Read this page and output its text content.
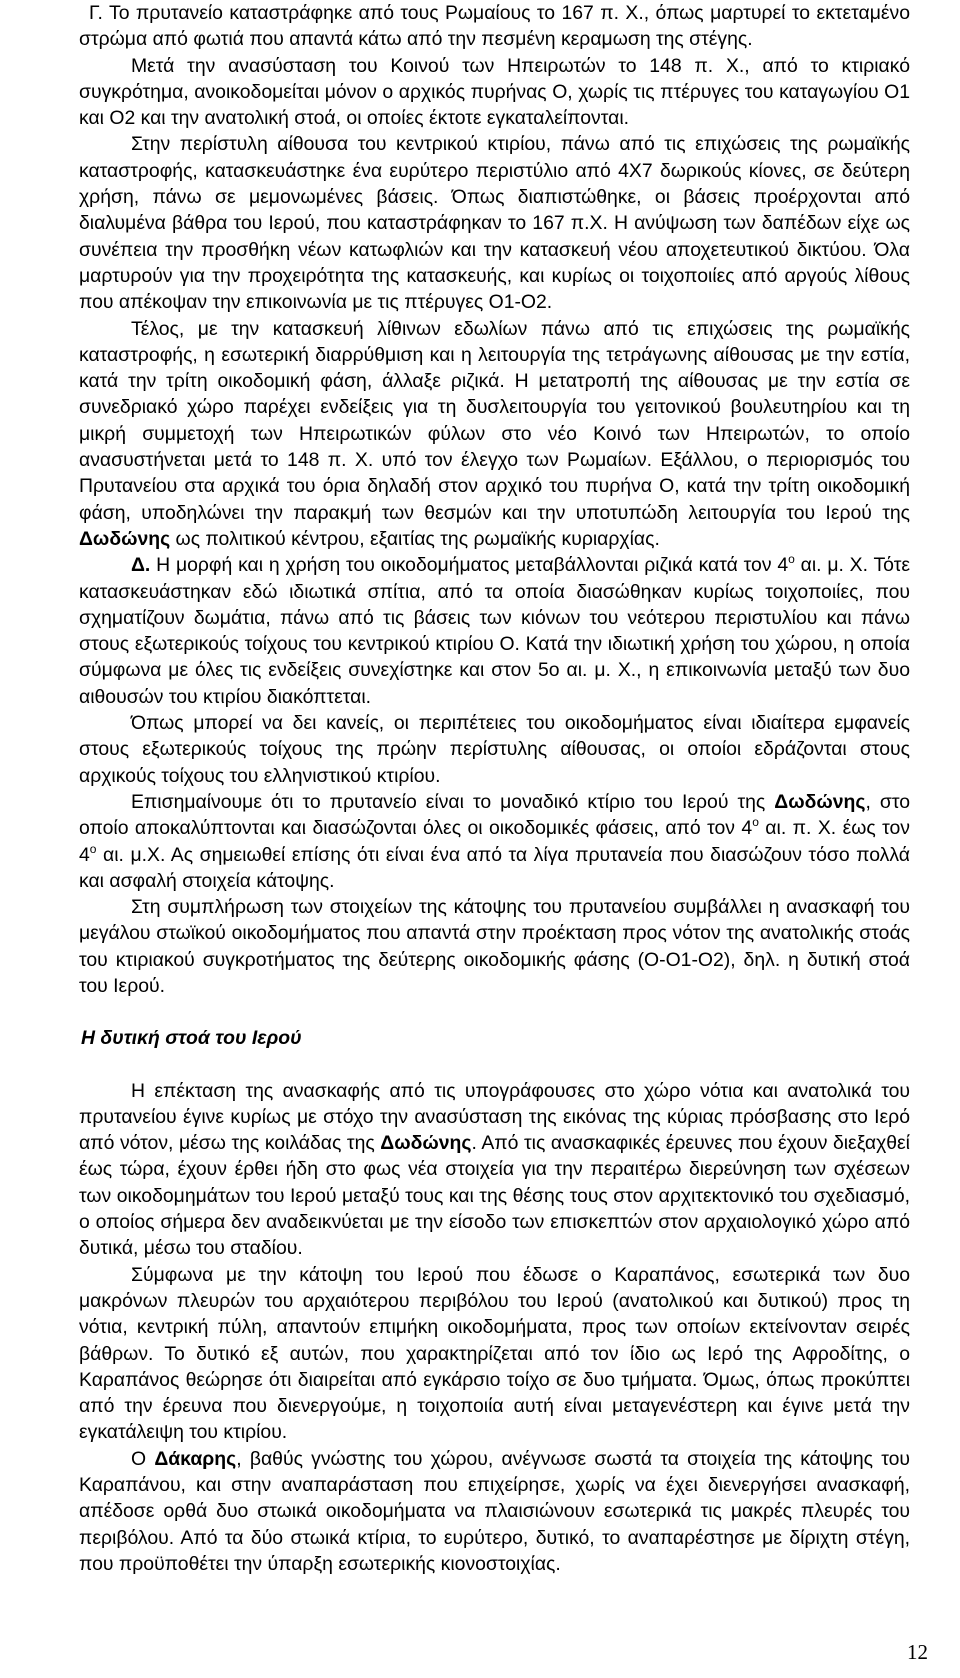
Γ. Το πρυτανείο καταστράφηκε από τους Ρωμαίους το 167 π. Χ., όπως μαρτυρεί το εκτεταμένο στρώμα από φωτιά που απαντά κάτω από την πεσμένη κεραμωση της στέγης.

Μετά την ανασύσταση του Κοινού των Ηπειρωτών το 148 π. Χ., από το κτιριακό συγκρότημα, ανοικοδομείται μόνον ο αρχικός πυρήνας Ο, χωρίς τις πτέρυγες του καταγωγίου Ο1 και Ο2 και την ανατολική στοά, οι οποίες έκτοτε εγκαταλείπονται.

Στην περίστυλη αίθουσα του κεντρικού κτιρίου, πάνω από τις επιχώσεις της ρωμαϊκής καταστροφής, κατασκευάστηκε ένα ευρύτερο περιστύλιο από 4Χ7 δωρικούς κίονες, σε δεύτερη χρήση, πάνω σε μεμονωμένες βάσεις. Όπως διαπιστώθηκε, οι βάσεις προέρχονται από διαλυμένα βάθρα του Ιερού, που καταστράφηκαν το 167 π.Χ. Η ανύψωση των δαπέδων είχε ως συνέπεια την προσθήκη νέων κατωφλιών και την κατασκευή νέου αποχετευτικού δικτύου. Όλα μαρτυρούν για την προχειρότητα της κατασκευής, και κυρίως οι τοιχοποιίες από αργούς λίθους που απέκοψαν την επικοινωνία με τις πτέρυγες Ο1-Ο2.

Τέλος, με την κατασκευή λίθινων εδωλίων πάνω από τις επιχώσεις της ρωμαϊκής καταστροφής, η εσωτερική διαρρύθμιση και η λειτουργία της τετράγωνης αίθουσας με την εστία, κατά την τρίτη οικοδομική φάση, άλλαξε ριζικά. Η μετατροπή της αίθουσας με την εστία σε συνεδριακό χώρο παρέχει ενδείξεις για τη δυσλειτουργία του γειτονικού βουλευτηρίου και τη μικρή συμμετοχή των Ηπειρωτικών φύλων στο νέο Κοινό των Ηπειρωτών, το οποίο ανασυστήνεται μετά το 148 π. Χ. υπό τον έλεγχο των Ρωμαίων. Εξάλλου, ο περιορισμός του Πρυτανείου στα αρχικά του όρια δηλαδή στον αρχικό του πυρήνα Ο, κατά την τρίτη οικοδομική φάση, υποδηλώνει την παρακμή των θεσμών και την υποτυπώδη λειτουργία του Ιερού της Δωδώνης ως πολιτικού κέντρου, εξαιτίας της ρωμαϊκής κυριαρχίας.

Δ. Η μορφή και η χρήση του οικοδομήματος μεταβάλλονται ριζικά κατά τον $4^o$ αι. μ. Χ. Τότε κατασκευάστηκαν εδώ ιδιωτικά σπίτια, από τα οποία διασώθηκαν κυρίως τοιχοποιίες, που σχηματίζουν δωμάτια, πάνω από τις βάσεις των κιόνων του νεότερου περιστυλίου και πάνω στους εξωτερικούς τοίχους του κεντρικού κτιρίου Ο. Κατά την ιδιωτική χρήση του χώρου, η οποία σύμφωνα με όλες τις ενδείξεις συνεχίστηκε και στον 5ο αι. μ. Χ., η επικοινωνία μεταξύ των δυο αιθουσών του κτιρίου διακόπτεται.

Όπως μπορεί να δει κανείς, οι περιπέτειες του οικοδομήματος είναι ιδιαίτερα εμφανείς στους εξωτερικούς τοίχους της πρώην περίστυλης αίθουσας, οι οποίοι εδράζονται στους αρχικούς τοίχους του ελληνιστικού κτιρίου.

Επισημαίνουμε ότι το πρυτανείο είναι το μοναδικό κτίριο του Ιερού της Δωδώνης, στο οποίο αποκαλύπτονται και διασώζονται όλες οι οικοδομικές φάσεις, από τον $4^o$ αι. π. Χ. έως τον $4^o$ αι. μ.Χ. Ας σημειωθεί επίσης ότι είναι ένα από τα λίγα πρυτανεία που διασώζουν τόσο πολλά και ασφαλή στοιχεία κάτοψης.

Στη συμπλήρωση των στοιχείων της κάτοψης του πρυτανείου συμβάλλει η ανασκαφή του μεγάλου στωϊκού οικοδομήματος που απαντά στην προέκταση προς νότον της ανατολικής στοάς του κτιριακού συγκροτήματος της δεύτερης οικοδομικής φάσης (Ο-Ο1-Ο2), δηλ. η δυτική στοά του Ιερού.

Η δυτική στοά του Ιερού

Η επέκταση της ανασκαφής από τις υπογράφουσες στο χώρο νότια και ανατολικά του πρυτανείου έγινε κυρίως με στόχο την ανασύσταση της εικόνας της κύριας πρόσβασης στο Ιερό από νότον, μέσω της κοιλάδας της Δωδώνης. Από τις ανασκαφικές έρευνες που έχουν διεξαχθεί έως τώρα, έχουν έρθει ήδη στο φως νέα στοιχεία για την περαιτέρω διερεύνηση των σχέσεων των οικοδομημάτων του Ιερού μεταξύ τους και της θέσης τους στον αρχιτεκτονικό του σχεδιασμό, ο οποίος σήμερα δεν αναδεικνύεται με την είσοδο των επισκεπτών στον αρχαιολογικό χώρο από δυτικά, μέσω του σταδίου.

Σύμφωνα με την κάτοψη του Ιερού που έδωσε ο Καραπάνος, εσωτερικά των δυο μακρόνων πλευρών του αρχαιότερου περιβόλου του Ιερού (ανατολικού και δυτικού) προς τη νότια, κεντρική πύλη, απαντούν επιμήκη οικοδομήματα, προς των οποίων εκτείνονταν σειρές βάθρων. Το δυτικό εξ αυτών, που χαρακτηρίζεται από τον ίδιο ως Ιερό της Αφροδίτης, ο Καραπάνος θεώρησε ότι διαιρείται από εγκάρσιο τοίχο σε δυο τμήματα. Όμως, όπως προκύπτει από την έρευνα που διενεργούμε, η τοιχοποιία αυτή είναι μεταγενέστερη και έγινε μετά την εγκατάλειψη του κτιρίου.

Ο Δάκαρης, βαθύς γνώστης του χώρου, ανέγνωσε σωστά τα στοιχεία της κάτοψης του Καραπάνου, και στην αναπαράσταση που επιχείρησε, χωρίς να έχει διενεργήσει ανασκαφή, απέδοσε ορθά δυο στωικά οικοδομήματα να πλαισιώνουν εσωτερικά τις μακρές πλευρές του περιβόλου. Από τα δύο στωικά κτίρια, το ευρύτερο, δυτικό, το αναπαρέστησε με δίριχτη στέγη, που προϋποθέτει την ύπαρξη εσωτερικής κιονοστοιχίας.

12
